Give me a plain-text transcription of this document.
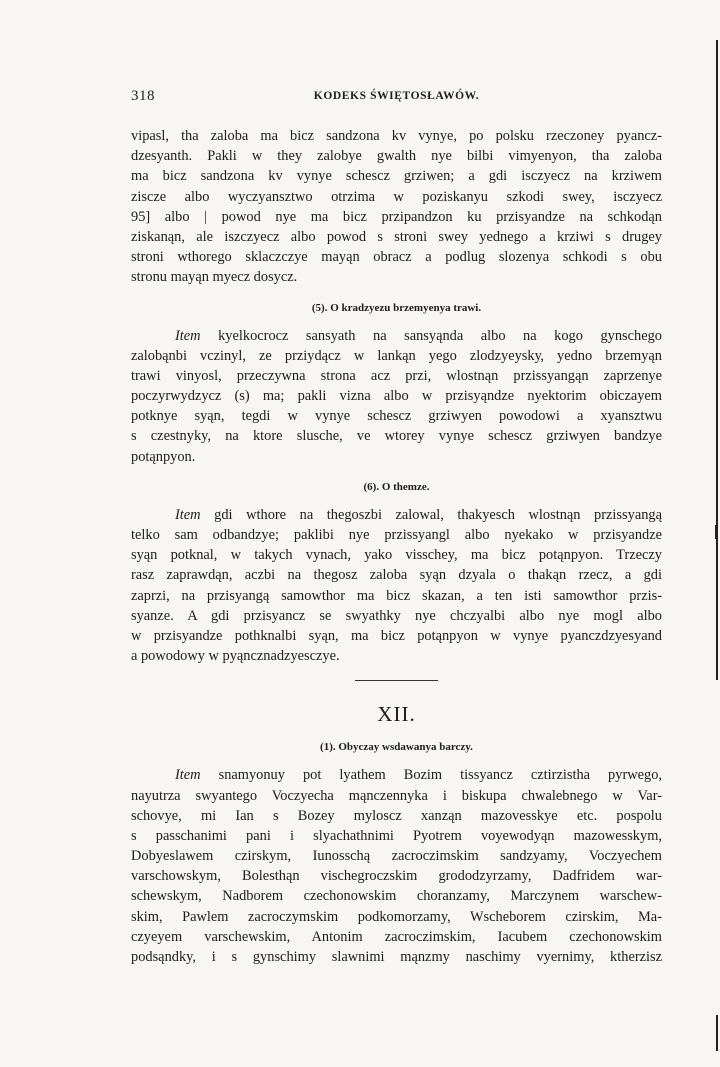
318	KODEKS ŚWIĘTOSŁAWÓW.
vipasl, tha zaloba ma bicz sandzona kv vynye, po polsku rzeczoney pyancz-
dzesyanth. Pakli w they zalobye gwalth nye bilbi vimyenyon, tha zaloba
ma bicz sandzona kv vynye schescz grziwen; a gdi isczyecz na krziwem
ziscze albo wyczyansztwo otrzima w poziskanyu szkodi swey, isczyecz
95] albo | powod nye ma bicz przipandzon ku przisyandze na schkodąn
ziskanąn, ale iszczyecz albo powod s stroni swey yednego a krziwi s drugey
stroni wthorego sklaczczye mayąn obracz a podlug slozenya schkodi s obu
stronu mayąn myecz dosycz.
(5). O kradzyezu brzemyenya trawi.
Item kyelkocrocz sansyath na sansyąnda albo na kogo gynschego
zalobąnbi vczinyl, ze prziydącz w lankąn yego zlodzyeyskу, yedno brzemyąn
trawi vinyosl, przeczywna strona acz przi, wlostnąn przissyangąn zaprzenye
poczyrwydzycz (s) ma; pakli vizna albo w przisyąndze nyektorim obiczayem
potknye syąn, tegdi w vynye schescz grziwyen powodowi a xyansztwu
s czestnyky, na ktore slusche, ve wtorey vynye schescz grziwyen bandzye
potąnpyon.
(6). O themze.
Item gdi wthore na thegoszbi zalowal, thakyesch wlostnąn przissyangą
telko sam odbandzye; paklibi nye przissyangl albo nyekako w przisyandze
syąn potknal, w takych vynach, yako visschey, ma bicz potąnpyon. Trzeczy
rasz zaprawdąn, aczbi na thegosz zaloba syąn dzyala o thakąn rzecz, a gdi
zaprzi, na przisyangą samowthor ma bicz skazan, a ten isti samowthor przis-
syanze. A gdi przisyancz se swyathky nye chczyalbi albo nye mogl albo
w przisyandze pothknalbi syąn, ma bicz potąnpyon w vynye pyanczdzyesyand
a powodowy w pyąncznadzyesczye.
XII.
(1). Obyczay wsdawanya barczy.
Item snamyonuy pot lyathem Bozim tissyancz cztirzistha pyrwego,
nayutrza swyantego Voczyecha mąnczennyka i biskupa chwalebnego w Var-
schovye, mi Ian s Bozey myloscz xanząn mazovesskye etc. pospolu
s passchanimi pani i slyachathnimi Pyotrem voyewodyąn mazowesskym,
Dobyeslawem czirskym, Iunosschą zacroczimskim sandzyamy, Voczyechem
varschowskym, Bolesthąn vischegroczskim grododzyrzamy, Dadfridem war-
schewskym, Nadborem czechonowskim choranzamy, Marczynem warschew-
skim, Pawlem zacroczymskim podkomorzamy, Wscheborem czirskim, Ma-
czyeyem varschewskim, Antonim zacroczimskim, Iacubem czechonowskim
podsąndky, i s gynschimy slawnimi mąnzmy naschimy vyernimy, ktherzisz
